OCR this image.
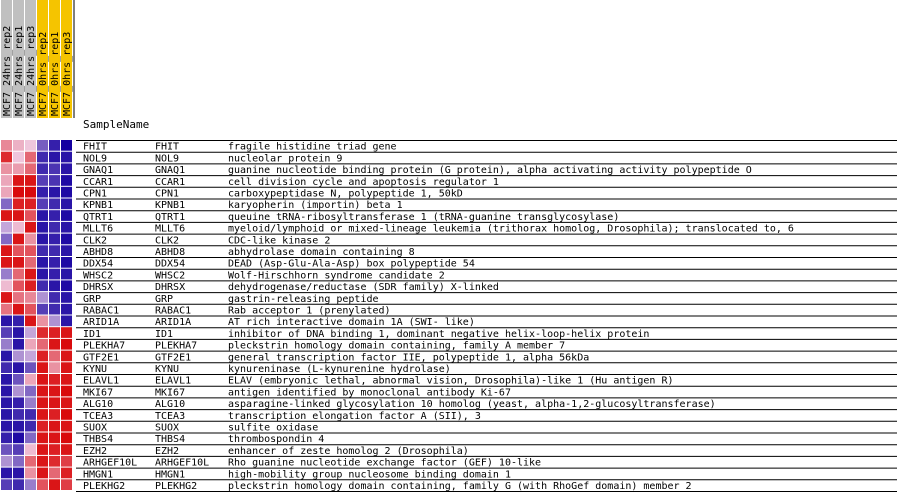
MCF7_24hrs_rep2 MCF7_24hrs_rep1 MCF7_24hrs_rep3 MCF7_0hrs_rep2 MCF7_0hrs_rep1 MCF7_0hrs_rep3
SampleName
FHIT	FHIT	fragile histidine triad gene
NOL9	NOL9	nucleolar protein 9
GNAQ1	GNAQ1	guanine nucleotide binding protein (G protein), alpha activating activity polypeptide O
CCAR1	CCAR1	cell division cycle and apoptosis regulator 1
CPN1	CPN1	carboxypeptidase N, polypeptide 1, 50kD
KPNB1	KPNB1	karyopherin (importin) beta 1
QTRT1	QTRT1	queuine tRNA-ribosyltransferase 1 (tRNA-guanine transglycosylase)
MLLT6	MLLT6	myeloid/lymphoid or mixed-lineage leukemia (trithorax homolog, Drosophila); translocated to, 6
CLK2	CLK2	CDC-like kinase 2
ABHD8	ABHD8	abhydrolase domain containing 8
DDX54	DDX54	DEAD (Asp-Glu-Ala-Asp) box polypeptide 54
WHSC2	WHSC2	Wolf-Hirschhorn syndrome candidate 2
DHRSX	DHRSX	dehydrogenase/reductase (SDR family) X-linked
GRP	GRP	gastrin-releasing peptide
RABAC1	RABAC1	Rab acceptor 1 (prenylated)
ARID1A	ARID1A	AT rich interactive domain 1A (SWI- like)
ID1	ID1	inhibitor of DNA binding 1, dominant negative helix-loop-helix protein
PLEKHA7	PLEKHA7	pleckstrin homology domain containing, family A member 7
GTF2E1	GTF2E1	general transcription factor IIE, polypeptide 1, alpha 56kDa
KYNU	KYNU	kynureninase (L-kynurenine hydrolase)
ELAVL1	ELAVL1	ELAV (embryonic lethal, abnormal vision, Drosophila)-like 1 (Hu antigen R)
MKI67	MKI67	antigen identified by monoclonal antibody Ki-67
ALG10	ALG10	asparagine-linked glycosylation 10 homolog (yeast, alpha-1,2-glucosyltransferase)
TCEA3	TCEA3	transcription elongation factor A (SII), 3
SUOX	SUOX	sulfite oxidase
THBS4	THBS4	thrombospondin 4
EZH2	EZH2	enhancer of zeste homolog 2 (Drosophila)
ARHGEF10L ARHGEF10L Rho guanine nucleotide exchange factor (GEF) 10-like
HMGN1	HMGN1	high-mobility group nucleosome binding domain 1
PLEKHG2	PLEKHG2	pleckstrin homology domain containing, family G (with RhoGef domain) member 2
